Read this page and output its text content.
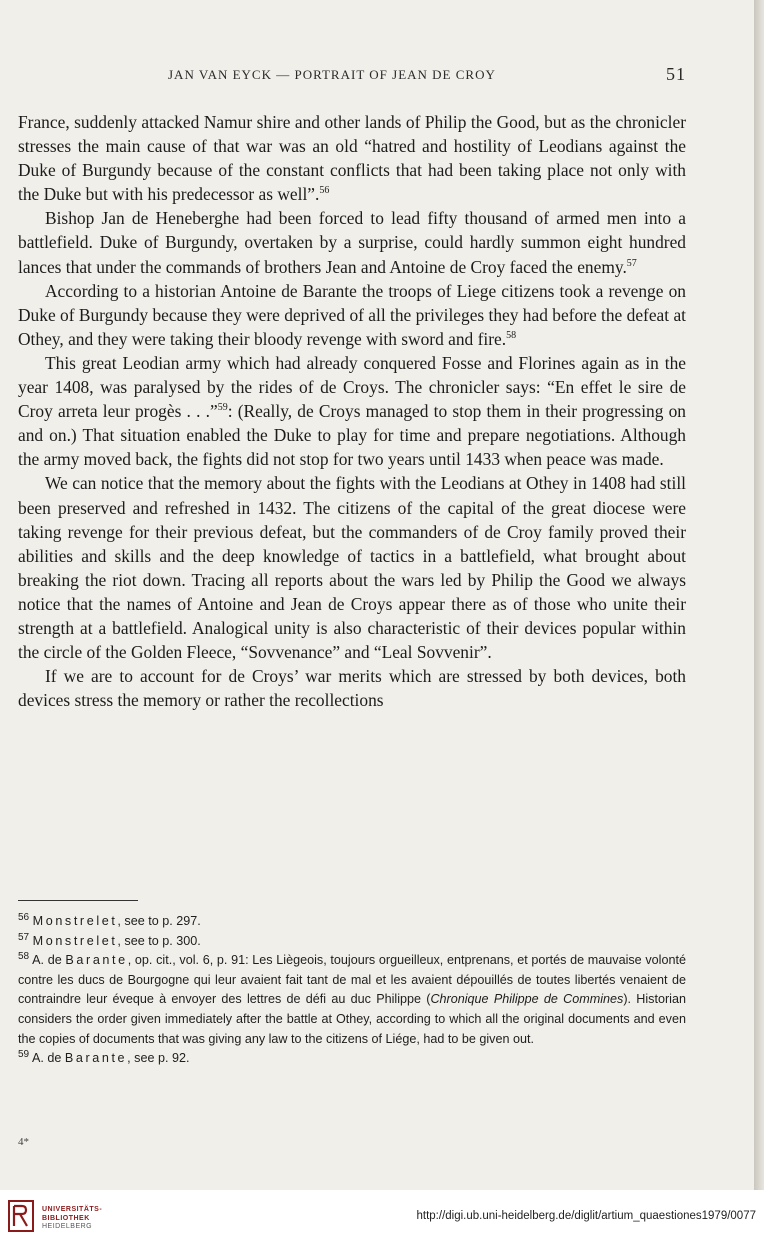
JAN VAN EYCK — PORTRAIT OF JEAN DE CROY	51

France, suddenly attacked Namur shire and other lands of Philip the Good, but as the chronicler stresses the main cause of that war was an old “hatred and hostility of Leodians against the Duke of Burgundy because of the constant conflicts that had been taking place not only with the Duke but with his predecessor as well”.$^{56}$

Bishop Jan de Heneberghe had been forced to lead fifty thousand of armed men into a battlefield. Duke of Burgundy, overtaken by a surprise, could hardly summon eight hundred lances that under the commands of brothers Jean and Antoine de Croy faced the enemy.$^{57}$

According to a historian Antoine de Barante the troops of Liege citizens took a revenge on Duke of Burgundy because they were deprived of all the privileges they had before the defeat at Othey, and they were taking their bloody revenge with sword and fire.$^{58}$

This great Leodian army which had already conquered Fosse and Florines again as in the year 1408, was paralysed by the rides of de Croys. The chronicler says: “En effet le sire de Croy arreta leur progès . . .”$^{59}$: (Really, de Croys managed to stop them in their progressing on and on.) That situation enabled the Duke to play for time and prepare negotiations. Although the army moved back, the fights did not stop for two years until 1433 when peace was made.

We can notice that the memory about the fights with the Leodians at Othey in 1408 had still been preserved and refreshed in 1432. The citizens of the capital of the great diocese were taking revenge for their previous defeat, but the commanders of de Croy family proved their abilities and skills and the deep knowledge of tactics in a battlefield, what brought about breaking the riot down. Tracing all reports about the wars led by Philip the Good we always notice that the names of Antoine and Jean de Croys appear there as of those who unite their strength at a battlefield. Analogical unity is also characteristic of their devices popular within the circle of the Golden Fleece, “Sovvenance” and “Leal Sovvenir”.

If we are to account for de Croys’ war merits which are stressed by both devices, both devices stress the memory or rather the recollections

$^{56}$ Monstrelet, see to p. 297.

$^{57}$ Monstrelet, see to p. 300.

$^{58}$ A. de Barante, op. cit., vol. 6, p. 91: Les Liègeois, toujours orgueilleux, entprenans, et portés de mauvaise volonté contre les ducs de Bourgogne qui leur avaient fait tant de mal et les avaient dépouillés de toutes libertés venaient de contraindre leur éveque à envoyer des lettres de défi au duc Philippe (Chronique Philippe de Commines). Historian considers the order given immediately after the battle at Othey, according to which all the original documents and even the copies of documents that was giving any law to the citizens of Liége, had to be given out.

$^{59}$ A. de Barante, see p. 92.

4*
UNIVERSITÄTS-
BIBLIOTHEK
HEIDELBERG
http://digi.ub.uni-heidelberg.de/diglit/artium_quaestiones1979/0077
